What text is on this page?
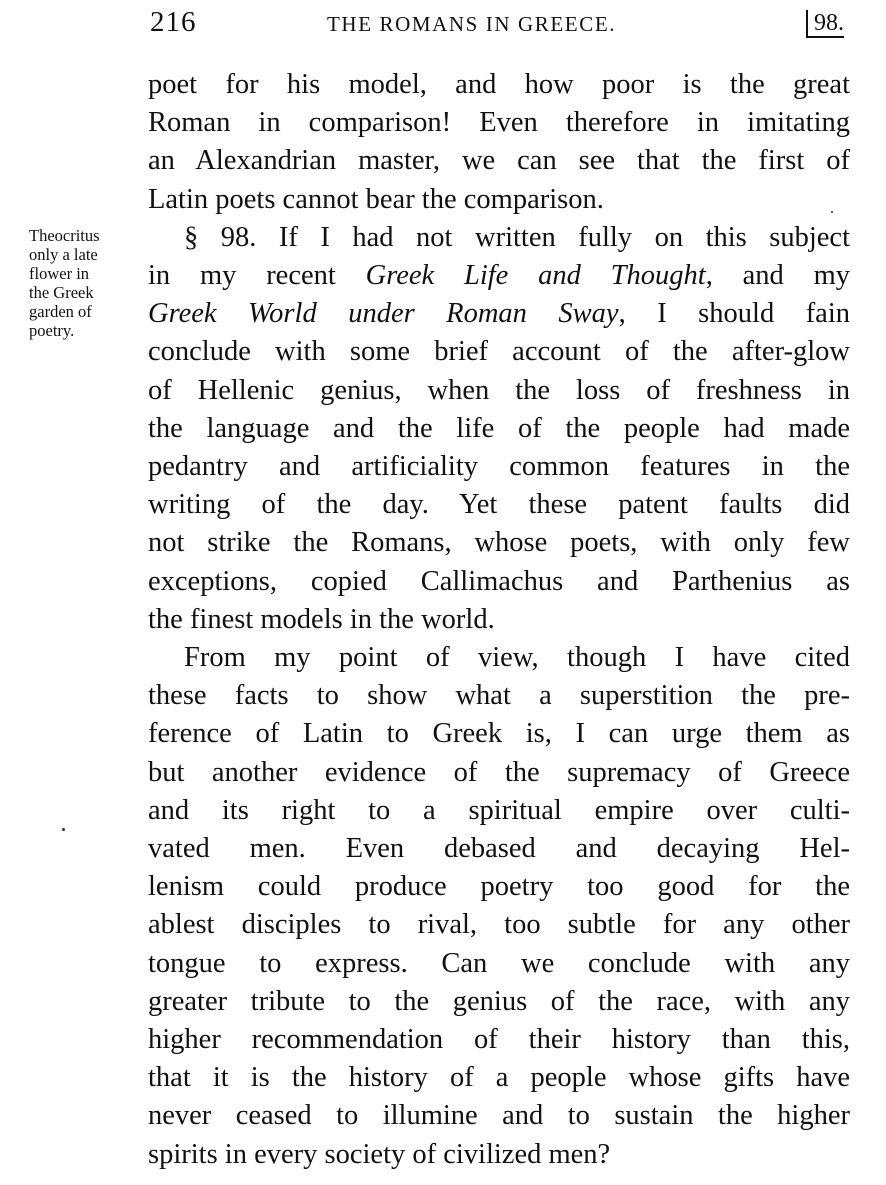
216	THE ROMANS IN GREECE.	98.
Theocritus
only a late
flower in
the Greek
garden of
poetry.
poet for his model, and how poor is the great
Roman in comparison! Even therefore in imitating
an Alexandrian master, we can see that the first of
Latin poets cannot bear the comparison.
§ 98. If I had not written fully on this subject
in my recent Greek Life and Thought, and my
Greek World under Roman Sway, I should fain
conclude with some brief account of the after-glow
of Hellenic genius, when the loss of freshness in
the language and the life of the people had made
pedantry and artificiality common features in the
writing of the day. Yet these patent faults did
not strike the Romans, whose poets, with only few
exceptions, copied Callimachus and Parthenius as
the finest models in the world.
From my point of view, though I have cited
these facts to show what a superstition the pre-
ference of Latin to Greek is, I can urge them as
but another evidence of the supremacy of Greece
and its right to a spiritual empire over culti-
vated men. Even debased and decaying Hel-
lenism could produce poetry too good for the
ablest disciples to rival, too subtle for any other
tongue to express. Can we conclude with any
greater tribute to the genius of the race, with any
higher recommendation of their history than this,
that it is the history of a people whose gifts have
never ceased to illumine and to sustain the higher
spirits in every society of civilized men?
